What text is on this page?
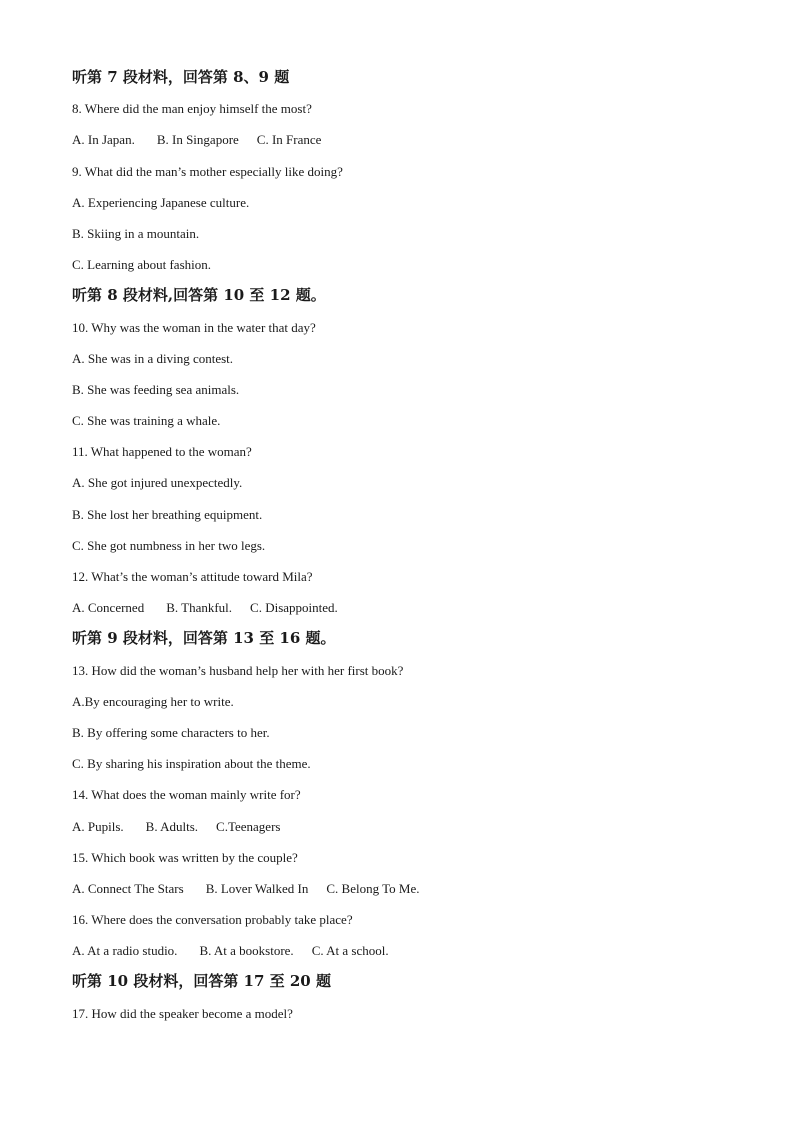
听第 7 段材料，回答第 8、9 题
8. Where did the man enjoy himself the most?
A. In Japan. B. In Singapore C. In France
9. What did the man’s mother especially like doing?
A. Experiencing Japanese culture.
B. Skiing in a mountain.
C. Learning about fashion.
听第 8 段材料,回答第 10 至 12 题。
10. Why was the woman in the water that day?
A. She was in a diving contest.
B. She was feeding sea animals.
C. She was training a whale.
11. What happened to the woman?
A. She got injured unexpectedly.
B. She lost her breathing equipment.
C. She got numbness in her two legs.
12. What’s the woman’s attitude toward Mila?
A. Concerned B. Thankful. C. Disappointed.
听第 9 段材料，回答第 13 至 16 题。
13. How did the woman’s husband help her with her first book?
A.By encouraging her to write.
B. By offering some characters to her.
C. By sharing his inspiration about the theme.
14. What does the woman mainly write for?
A. Pupils. B. Adults. C.Teenagers
15. Which book was written by the couple?
A. Connect The Stars B. Lover Walked In C. Belong To Me.
16. Where does the conversation probably take place?
A. At a radio studio. B. At a bookstore. C. At a school.
听第 10 段材料，回答第 17 至 20 题
17. How did the speaker become a model?
